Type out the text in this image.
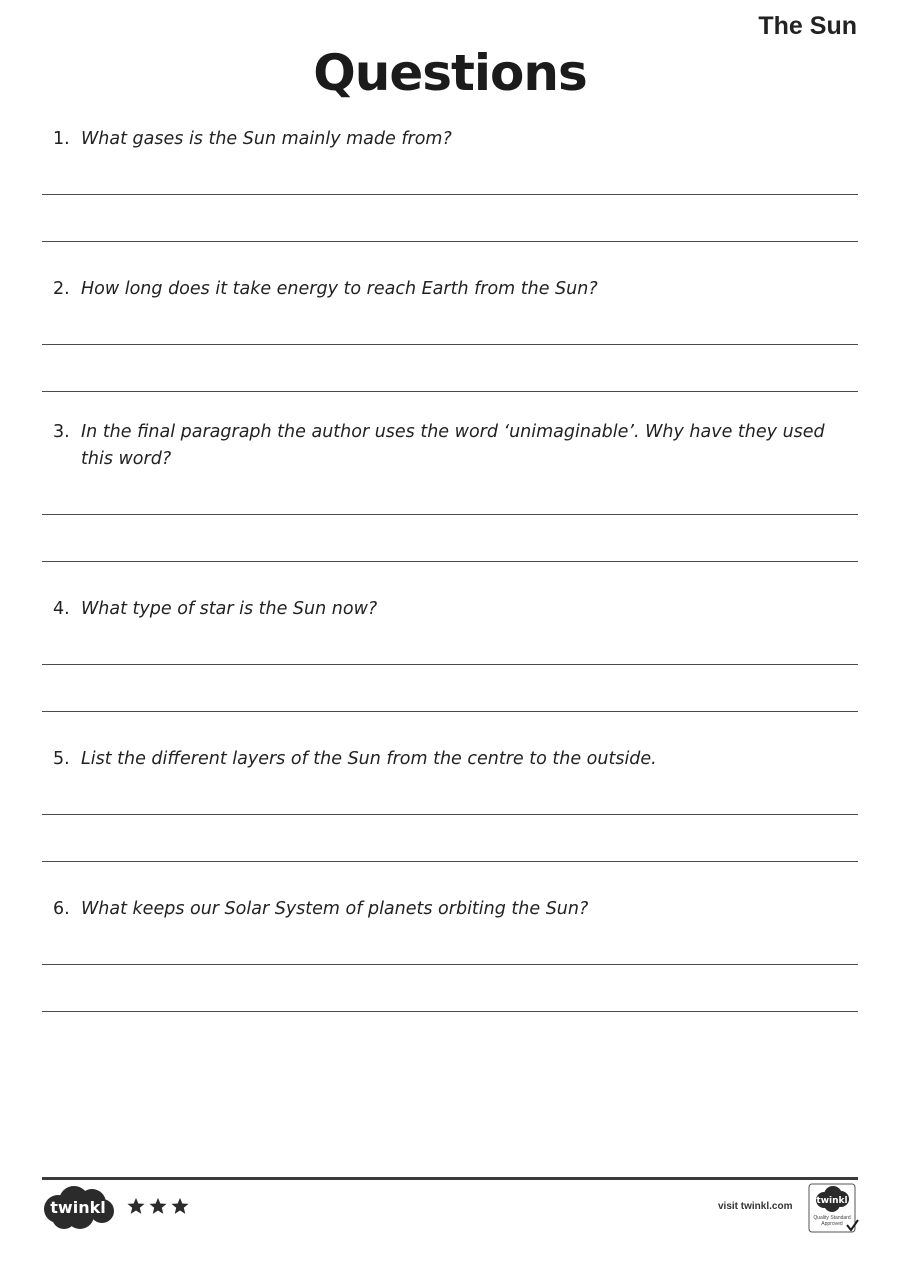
The Sun
Questions
1. What gases is the Sun mainly made from?
2. How long does it take energy to reach Earth from the Sun?
3. In the final paragraph the author uses the word ‘unimaginable’. Why have they used this word?
4. What type of star is the Sun now?
5. List the different layers of the Sun from the centre to the outside.
6. What keeps our Solar System of planets orbiting the Sun?
twinkl	visit twinkl.com	twinkl
Quality Standard
Approved
